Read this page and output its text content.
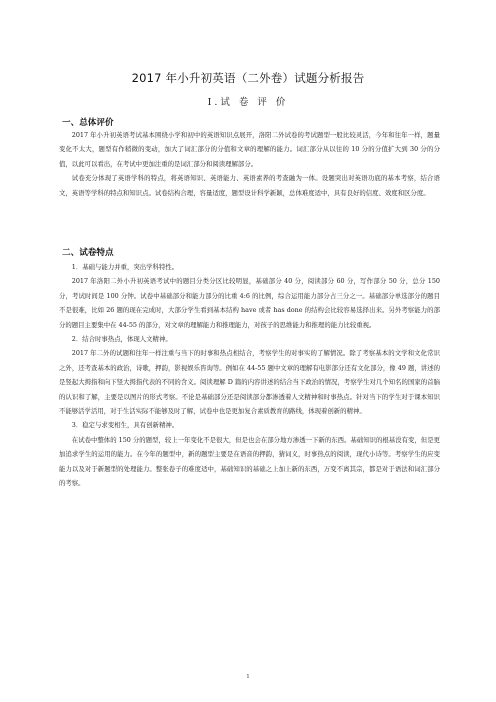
2017 年小升初英语（二外卷）试题分析报告
Ⅰ.试 卷 评 价
一、总体评价

2017 年小升初英语考试基本围绕小学和初中的英语知识点展开，洛阳二外试卷的考试题型一般比较灵活，今年和往年一样，题量变化不太大，题型有作稍微的变动，加大了词汇部分的分值和文章的理解的能力。词汇部分从以往的 10 分的分值扩大到 30 分的分值，以此可以看出，在考试中更加注重的是词汇部分和阅读理解部分。

试卷充分体现了英语学科的特点，将英语知识、英语能力、英语素养的考查融为一体。设题突出对英语功底的基本考察，结合语文，英语等学科的特点和知识点。试卷结构合理，容量适度，题型设计科学新颖，总体难度适中，具有良好的信度、效度和区分度。

二、试卷特点

1．基础与能力并重，突出学科特性。

2017 年洛阳二外小升初英语考试中的题目分类分区比较明显，基础部分 40 分，阅读部分 60 分，写作部分 50 分，总分 150 分，考试时间是 100 分钟。试卷中基础部分和能力部分的比重 4:6 的比例，综合运用能力部分占三分之一。基础部分单选部分的题目不是很难，比如 26 题的现在完成时，大部分学生看到基本结构 have 或者 has done 的结构会比较容易选择出来。另外考察能力的部分的题目主要集中在 44-55 的部分，对文章的理解能力和推理能力，对孩子的思维能力和推理的能力比较重视。

2．结合时事热点，体现人文精神。

2017 年二外的试题和往年一样注重与当下的时事和热点相结合，考察学生的对事实的了解情况。除了考察基本的文学和文化常识之外，还考查基本的政治，诗歌，押韵，影视娱乐咨询等。例如在 44-55 题中文章的理解有电影部分还有文化部分，像 49 题，讲述的是竖起大拇指和向下竖大拇指代表的不同的含义。阅读理解 D 篇的内容讲述的结合当下政治的情况，考察学生对几个知名的国家的首脑的认识和了解，主要是以图片的形式考察。不论是基础部分还是阅读部分都渗透着人文精神和时事热点。针对当下的学生对于课本知识不能够活学活用，对于生活实际不能够及时了解，试卷中也是更加复合素质教育的路线，体现着创新的精神。

3．稳定与求变相生，具有创新精神。

在试卷中整体的 150 分的题型，较上一年变化不是很大，但是也会在部分地方渗透一下新的东西。基础知识的根基没有变，但是更加追求学生的运用的能力。在今年的题型中，新的题型主要是在语音的押韵，猜词义，时事热点的阅读，现代小诗等。考察学生的应变能力以及对于新题型的处理能力。整张卷子的难度适中，基础知识的基础之上加上新的东西，万变不离其宗，都是对于语法和词汇部分的考察。

1
